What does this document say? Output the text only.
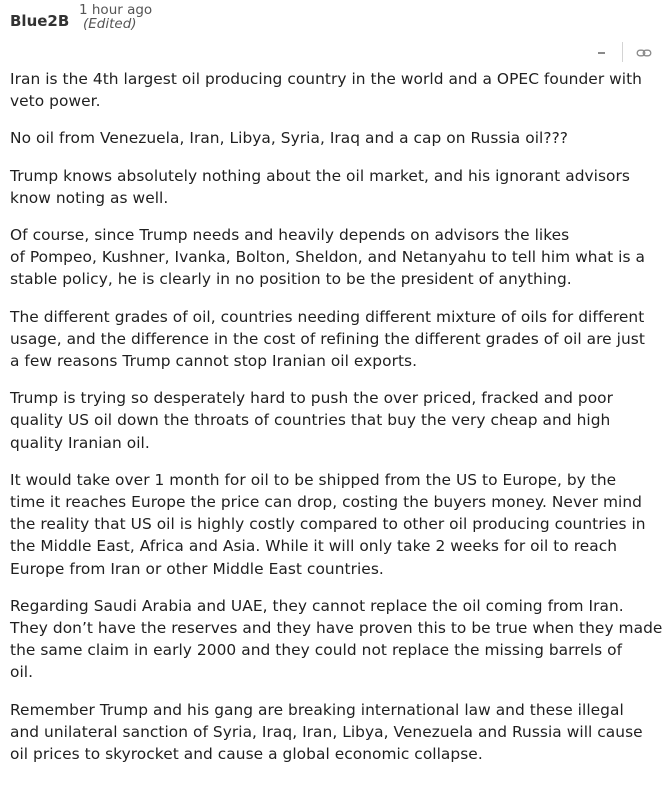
Blue2B
1 hour ago
(Edited)

Iran is the 4th largest oil producing country in the world and a OPEC founder with
veto power.

No oil from Venezuela, Iran, Libya, Syria, Iraq and a cap on Russia oil???

Trump knows absolutely nothing about the oil market, and his ignorant advisors
know noting as well.

Of course, since Trump needs and heavily depends on advisors the likes
of Pompeo, Kushner, Ivanka, Bolton, Sheldon, and Netanyahu to tell him what is a
stable policy, he is clearly in no position to be the president of anything.

The different grades of oil, countries needing different mixture of oils for different
usage, and the difference in the cost of refining the different grades of oil are just
a few reasons Trump cannot stop Iranian oil exports.

Trump is trying so desperately hard to push the over priced, fracked and poor
quality US oil down the throats of countries that buy the very cheap and high
quality Iranian oil.

It would take over 1 month for oil to be shipped from the US to Europe, by the
time it reaches Europe the price can drop, costing the buyers money. Never mind
the reality that US oil is highly costly compared to other oil producing countries in
the Middle East, Africa and Asia. While it will only take 2 weeks for oil to reach
Europe from Iran or other Middle East countries.

Regarding Saudi Arabia and UAE, they cannot replace the oil coming from Iran.
They don’t have the reserves and they have proven this to be true when they made
the same claim in early 2000 and they could not replace the missing barrels of
oil.

Remember Trump and his gang are breaking international law and these illegal
and unilateral sanction of Syria, Iraq, Iran, Libya, Venezuela and Russia will cause
oil prices to skyrocket and cause a global economic collapse.
